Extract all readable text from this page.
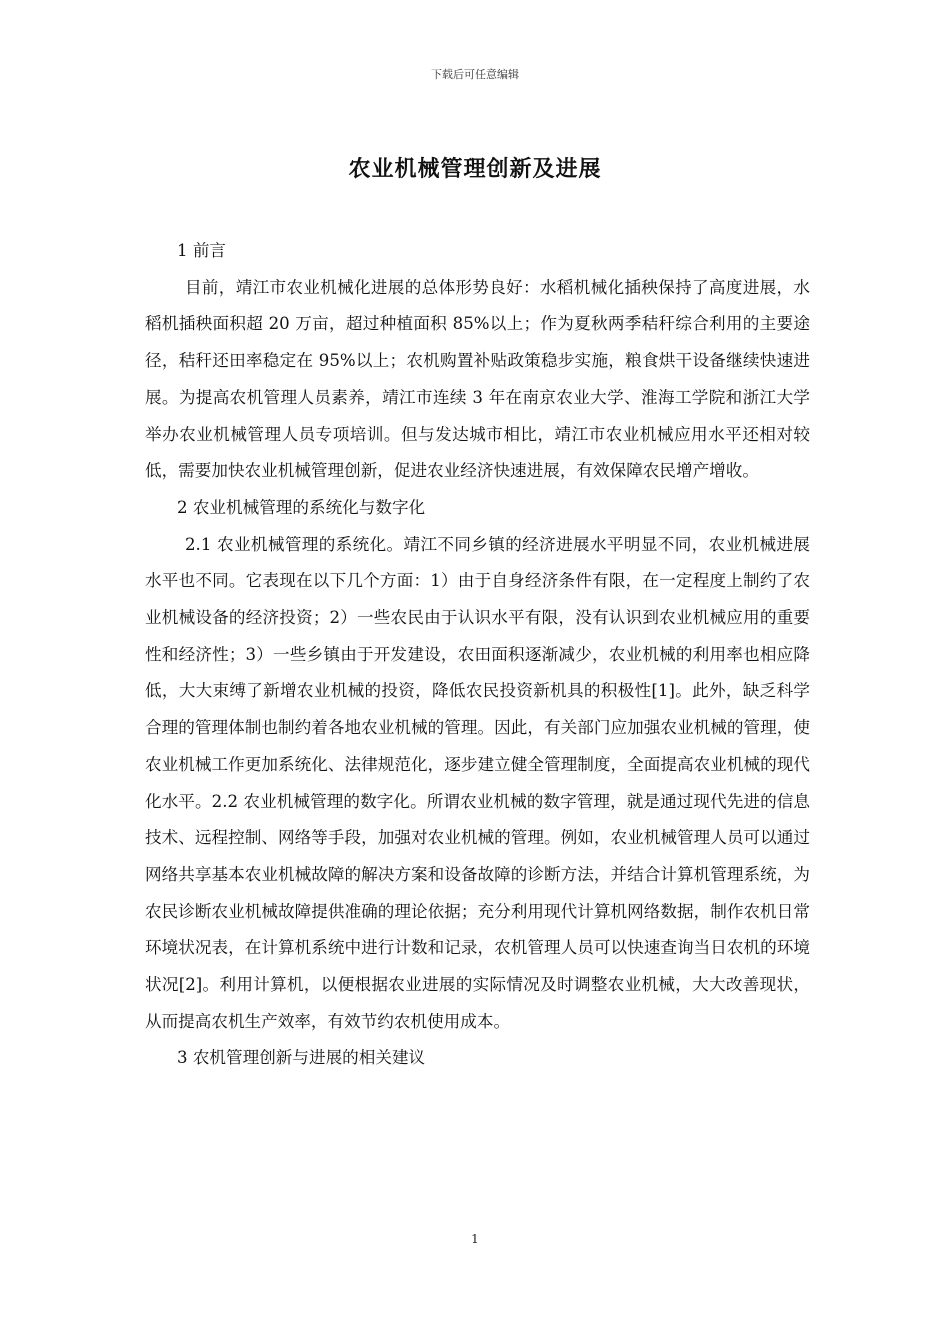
下载后可任意编辑
农业机械管理创新及进展

1 前言

目前，靖江市农业机械化进展的总体形势良好：水稻机械化插秧保持了高度进展，水稻机插秧面积超 20 万亩，超过种植面积 85%以上；作为夏秋两季秸秆综合利用的主要途径，秸秆还田率稳定在 95%以上；农机购置补贴政策稳步实施，粮食烘干设备继续快速进展。为提高农机管理人员素养，靖江市连续 3 年在南京农业大学、淮海工学院和浙江大学举办农业机械管理人员专项培训。但与发达城市相比，靖江市农业机械应用水平还相对较低，需要加快农业机械管理创新，促进农业经济快速进展，有效保障农民增产增收。

2 农业机械管理的系统化与数字化

2.1 农业机械管理的系统化。靖江不同乡镇的经济进展水平明显不同，农业机械进展水平也不同。它表现在以下几个方面：1）由于自身经济条件有限，在一定程度上制约了农业机械设备的经济投资；2）一些农民由于认识水平有限，没有认识到农业机械应用的重要性和经济性；3）一些乡镇由于开发建设，农田面积逐渐减少，农业机械的利用率也相应降低，大大束缚了新增农业机械的投资，降低农民投资新机具的积极性[1]。此外，缺乏科学合理的管理体制也制约着各地农业机械的管理。因此，有关部门应加强农业机械的管理，使农业机械工作更加系统化、法律规范化，逐步建立健全管理制度，全面提高农业机械的现代化水平。2.2 农业机械管理的数字化。所谓农业机械的数字管理，就是通过现代先进的信息技术、远程控制、网络等手段，加强对农业机械的管理。例如，农业机械管理人员可以通过网络共享基本农业机械故障的解决方案和设备故障的诊断方法，并结合计算机管理系统，为农民诊断农业机械故障提供准确的理论依据；充分利用现代计算机网络数据，制作农机日常环境状况表，在计算机系统中进行计数和记录，农机管理人员可以快速查询当日农机的环境状况[2]。利用计算机，以便根据农业进展的实际情况及时调整农业机械，大大改善现状，从而提高农机生产效率，有效节约农机使用成本。

3 农机管理创新与进展的相关建议

1
